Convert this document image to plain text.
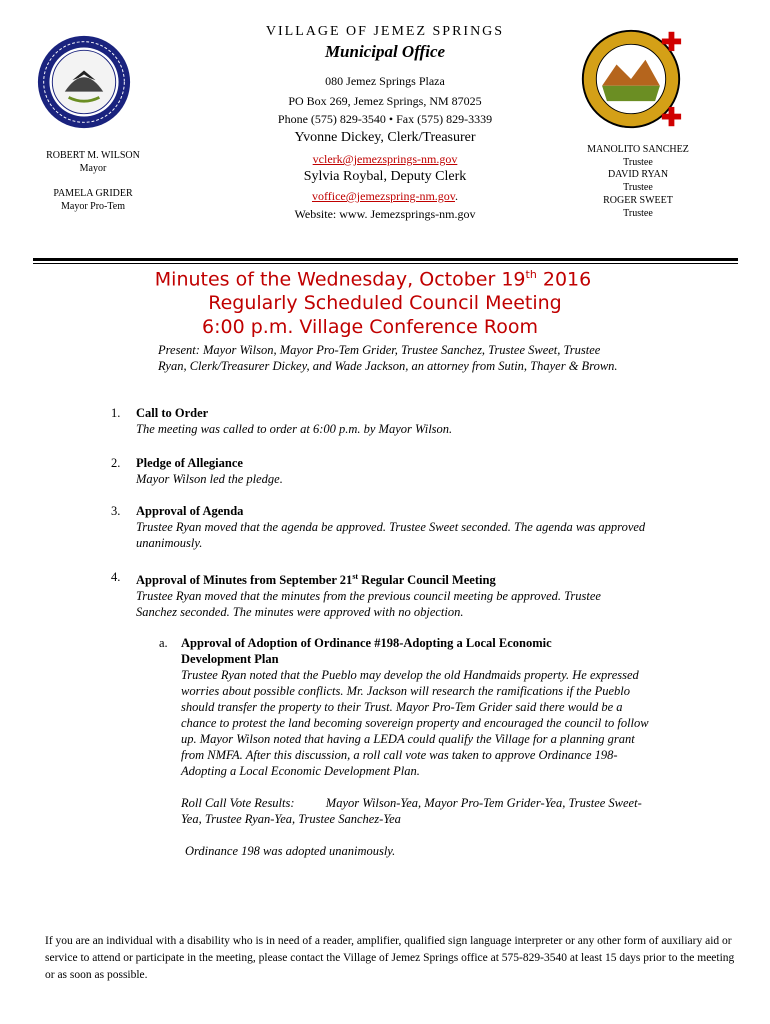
VILLAGE OF JEMEZ SPRINGS
Municipal Office
080 Jemez Springs Plaza
PO Box 269, Jemez Springs, NM 87025
Phone (575) 829-3540 • Fax (575) 829-3339
Yvonne Dickey, Clerk/Treasurer
vclerk@jemezsprings-nm.gov
Sylvia Roybal, Deputy Clerk
voffice@jemezspring-nm.gov.
Website: www. Jemezsprings-nm.gov
ROBERT M. WILSON
Mayor
PAMELA GRIDER
Mayor Pro-Tem
MANOLITO SANCHEZ
Trustee
DAVID RYAN
Trustee
ROGER SWEET
Trustee
Minutes of the Wednesday, October 19th 2016
Regularly Scheduled Council Meeting
6:00 p.m. Village Conference Room
Present: Mayor Wilson, Mayor Pro-Tem Grider, Trustee Sanchez, Trustee Sweet, Trustee Ryan, Clerk/Treasurer Dickey, and Wade Jackson, an attorney from Sutin, Thayer & Brown.
1. Call to Order
The meeting was called to order at 6:00 p.m. by Mayor Wilson.
2. Pledge of Allegiance
Mayor Wilson led the pledge.
3. Approval of Agenda
Trustee Ryan moved that the agenda be approved. Trustee Sweet seconded. The agenda was approved unanimously.
4. Approval of Minutes from September 21st Regular Council Meeting
Trustee Ryan moved that the minutes from the previous council meeting be approved. Trustee Sanchez seconded. The minutes were approved with no objection.
a. Approval of Adoption of Ordinance #198-Adopting a Local Economic Development Plan
Trustee Ryan noted that the Pueblo may develop the old Handmaids property. He expressed worries about possible conflicts. Mr. Jackson will research the ramifications if the Pueblo should transfer the property to their Trust. Mayor Pro-Tem Grider said there would be a chance to protest the land becoming sovereign property and encouraged the council to follow up. Mayor Wilson noted that having a LEDA could qualify the Village for a planning grant from NMFA. After this discussion, a roll call vote was taken to approve Ordinance 198-Adopting a Local Economic Development Plan.
Roll Call Vote Results:          Mayor Wilson-Yea, Mayor Pro-Tem Grider-Yea, Trustee Sweet-Yea, Trustee Ryan-Yea, Trustee Sanchez-Yea
Ordinance 198 was adopted unanimously.
If you are an individual with a disability who is in need of a reader, amplifier, qualified sign language interpreter or any other form of auxiliary aid or service to attend or participate in the meeting, please contact the Village of Jemez Springs office at 575-829-3540 at least 15 days prior to the meeting or as soon as possible.
